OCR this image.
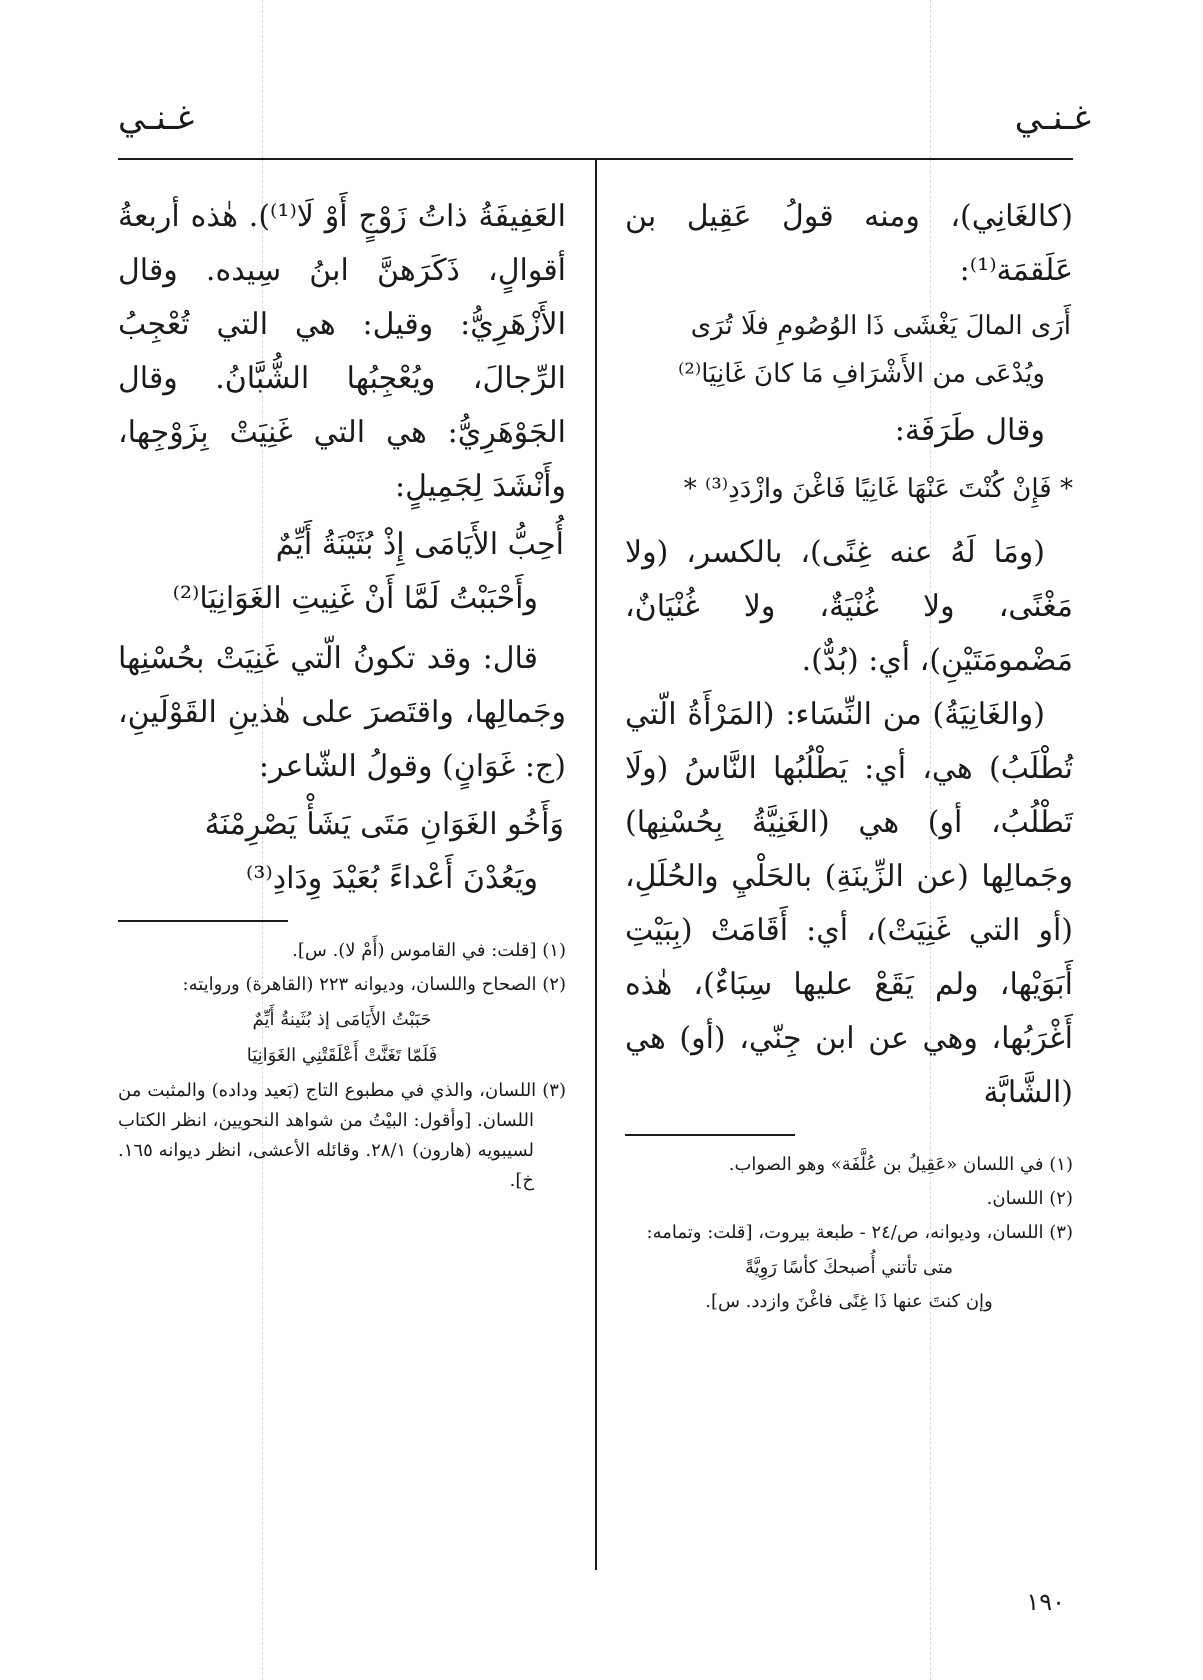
غـنـي
غـنـي

(كالغَانِي)، ومنه قولُ عَقِيل بن عَلَقمَة⁽¹⁾:

أَرَى المالَ يَغْشَى ذَا الوُصُومِ فلَا تُرَى
ويُدْعَى من الأَشْرَافِ مَا كانَ غَانِيَا⁽²⁾

وقال طَرَفَة:

* فَإِنْ كُنْتَ عَنْهَا غَانِيًا فَاغْنَ وازْدَدِ⁽³⁾ *

(ومَا لَهُ عنه غِنًى)، بالكسر، (ولا مَغْنًى، ولا غُنْيَةٌ، ولا غُنْيَانٌ، مَضْمومَتَيْنِ)، أي: (بُدٌّ).

(والغَانِيَةُ) من النِّسَاء: (المَرْأَةُ الّتي تُطْلَبُ) هي، أي: يَطْلُبُها النَّاسُ (ولَا تَطْلُبُ، أو) هي (الغَنِيَّةُ بِحُسْنِها) وجَمالِها (عن الزِّينَةِ) بالحَلْيِ والحُلَلِ، (أو التي غَنِيَتْ)، أي: أَقَامَتْ (بِبَيْتِ أَبَوَيْها، ولم يَقَعْ عليها سِبَاءٌ)، هٰذه أَغْرَبُها، وهي عن ابن جِنّي، (أو) هي (الشَّابَّة

(١) في اللسان «عَقِيلُ بن عُلَّفَة» وهو الصواب.

(٢) اللسان.

(٣) اللسان، وديوانه، ص/٢٤ - طبعة بيروت، [قلت: وتمامه:

متى تأتني أُصبحكَ كأسًا رَوِيَّةً

وإن كنتَ عنها ذَا غِنًى فاغْنَ وازدد. س].

العَفِيفَةُ ذاتُ زَوْجٍ أَوْ لَا⁽¹⁾). هٰذه أربعةُ أقوالٍ، ذَكَرَهنَّ ابنُ سِيده. وقال الأَزْهَرِيُّ: وقيل: هي التي تُعْجِبُ الرِّجالَ، ويُعْجِبُها الشُّبَّانُ. وقال الجَوْهَرِيُّ: هي التي غَنِيَتْ بِزَوْجِها، وأَنْشَدَ لِجَمِيلٍ:

أُحِبُّ الأَيَامَى إِذْ بُثَيْنَةُ أَيِّمٌ
وأَحْبَبْتُ لَمَّا أَنْ غَنِيتِ الغَوَانِيَا⁽²⁾

قال: وقد تكونُ الّتي غَنِيَتْ بحُسْنِها وجَمالِها، واقتَصرَ على هٰذينِ القَوْلَينِ، (ج: غَوَانٍ) وقولُ الشّاعر:

وَأَخُو الغَوَانِ مَتَى يَشَأْ يَصْرِمْنَهُ
ويَعُدْنَ أَعْداءً بُعَيْدَ وِدَادِ⁽³⁾

(١) [قلت: في القاموس (أَمْ لا). س].

(٢) الصحاح واللسان، وديوانه ٢٢٣ (القاهرة) وروايته:

حَبَبْتُ الأَيَامَى إذ بُثَينةُ أَيِّمٌ

فَلَمّا تَغَنَّتْ أَعْلَقَتْنِي الغَوَانِيَا

(٣) اللسان، والذي في مطبوع التاج (بَعيد وداده) والمثبت من اللسان. [وأقول: البيْتُ من شواهد النحويين، انظر الكتاب لسيبويه (هارون) ٢٨/١. وقائله الأعشى، انظر ديوانه ١٦٥. خ].

١٩٠
